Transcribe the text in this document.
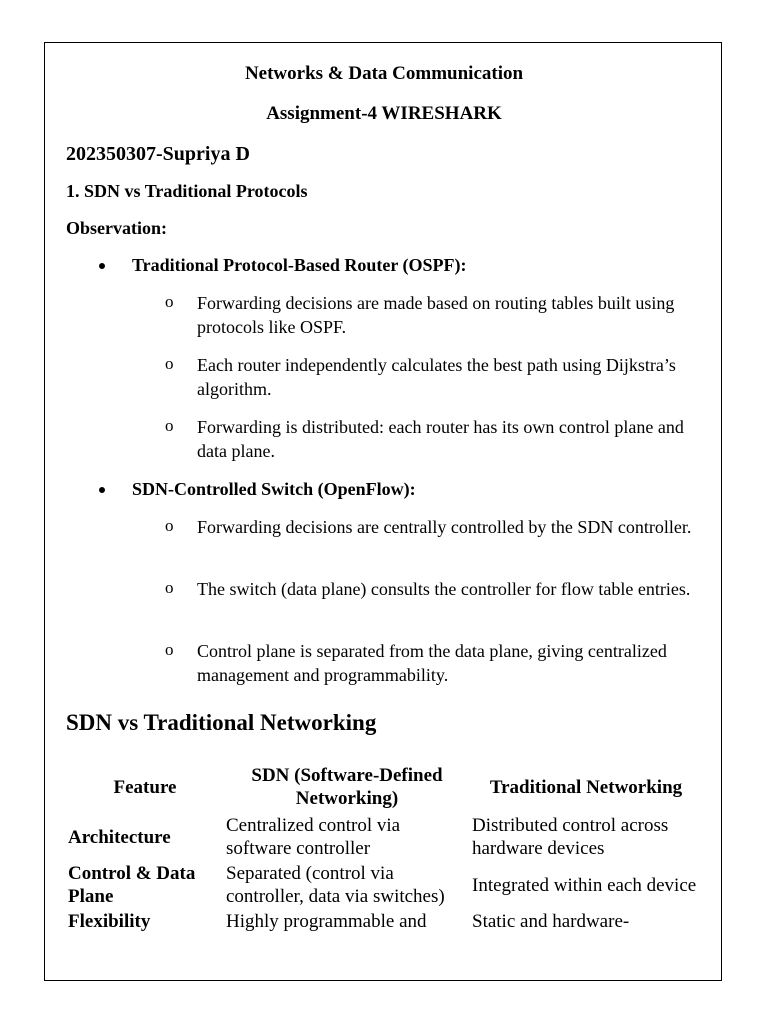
Networks & Data Communication
Assignment-4 WIRESHARK
202350307-Supriya D
1. SDN vs Traditional Protocols
Observation:
Traditional Protocol-Based Router (OSPF):
o Forwarding decisions are made based on routing tables built using protocols like OSPF.
o Each router independently calculates the best path using Dijkstra’s algorithm.
o Forwarding is distributed: each router has its own control plane and data plane.
SDN-Controlled Switch (OpenFlow):
o Forwarding decisions are centrally controlled by the SDN controller.
o The switch (data plane) consults the controller for flow table entries.
o Control plane is separated from the data plane, giving centralized management and programmability.
SDN vs Traditional Networking
Feature	SDN (Software-Defined Networking)	Traditional Networking
Architecture	Centralized control via software controller	Distributed control across hardware devices
Control & Data Plane	Separated (control via controller, data via switches)	Integrated within each device
Flexibility	Highly programmable and	Static and hardware-
